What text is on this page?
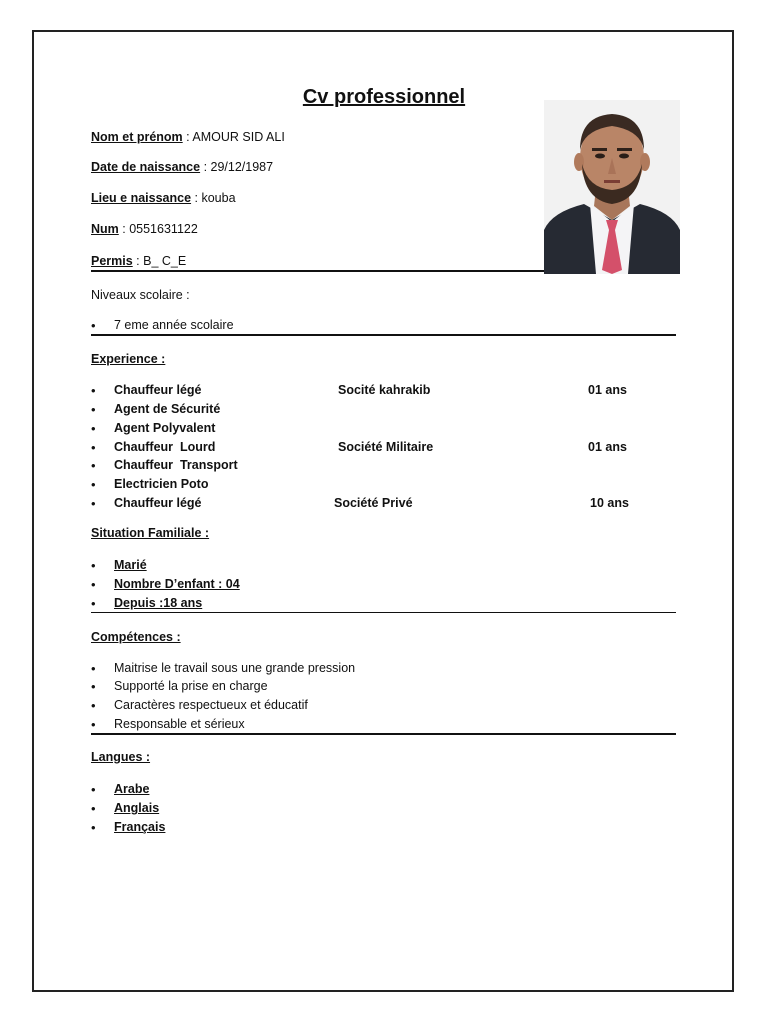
Cv professionnel
Nom et prénom : AMOUR SID ALI
Date de naissance : 29/12/1987
Lieu e naissance : kouba
Num : 0551631122
Permis : B_ C_E
Niveaux scolaire :
• 7 eme année scolaire
Experience :
• Chauffeur légé	Socité kahrakib	01 ans
• Agent de Sécurité
• Agent Polyvalent
• Chauffeur  Lourd	Société Militaire	01 ans
• Chauffeur  Transport
• Electricien Poto
• Chauffeur légé	Société Privé	10 ans
Situation Familiale :
• Marié
• Nombre D’enfant : 04
• Depuis :18 ans
Compétences :
• Maitrise le travail sous une grande pression
• Supporté la prise en charge
• Caractères respectueux et éducatif
• Responsable et sérieux
Langues :
• Arabe
• Anglais
• Français
